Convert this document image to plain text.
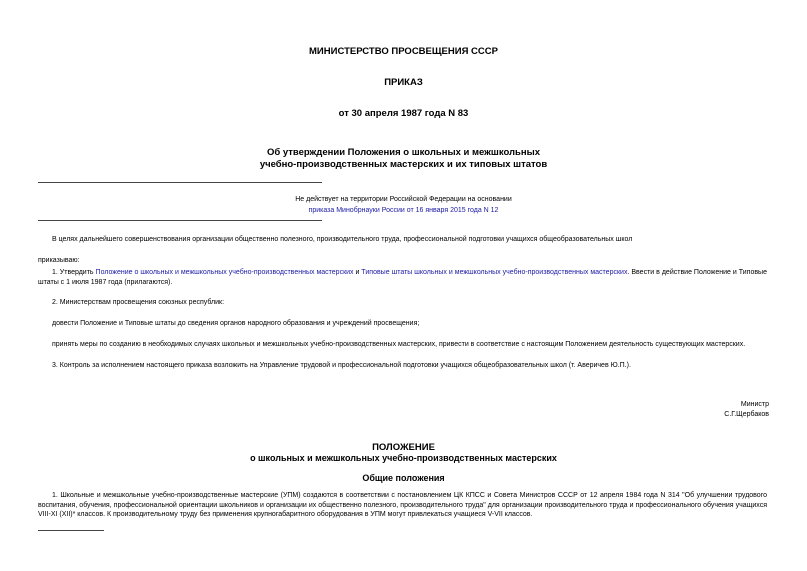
МИНИСТЕРСТВО ПРОСВЕЩЕНИЯ СССР
ПРИКАЗ
от 30 апреля 1987 года N 83
Об утверждении Положения о школьных и межшкольных
учебно-производственных мастерских и их типовых штатов
Не действует на территории Российской Федерации на основании
приказа Минобрнауки России от 16 января 2015 года N 12
В целях дальнейшего совершенствования организации общественно полезного, производительного труда, профессиональной подготовки учащихся общеобразовательных школ
приказываю:
1. Утвердить Положение о школьных и межшкольных учебно-производственных мастерских и Типовые штаты школьных и межшкольных учебно-производственных мастерских. Ввести в действие Положение и Типовые штаты с 1 июля 1987 года (прилагаются).
2. Министерствам просвещения союзных республик:
довести Положение и Типовые штаты до сведения органов народного образования и учреждений просвещения;
принять меры по созданию в необходимых случаях школьных и межшкольных учебно-производственных мастерских, привести в соответствие с настоящим Положением деятельность существующих мастерских.
3. Контроль за исполнением настоящего приказа возложить на Управление трудовой и профессиональной подготовки учащихся общеобразовательных школ (т. Аверичев Ю.П.).
Министр
С.Г.Щербаков
ПОЛОЖЕНИЕ
о школьных и межшкольных учебно-производственных мастерских
Общие положения
1. Школьные и межшкольные учебно-производственные мастерские (УПМ) создаются в соответствии с постановлением ЦК КПСС и Совета Министров СССР от 12 апреля 1984 года N 314 "Об улучшении трудового воспитания, обучения, профессиональной ориентации школьников и организации их общественно полезного, производительного труда" для организации производительного труда и профессионального обучения учащихся VIII-XI (XII)* классов. К производительному труду без применения крупногабаритного оборудования в УПМ могут привлекаться учащиеся V-VII классов.
